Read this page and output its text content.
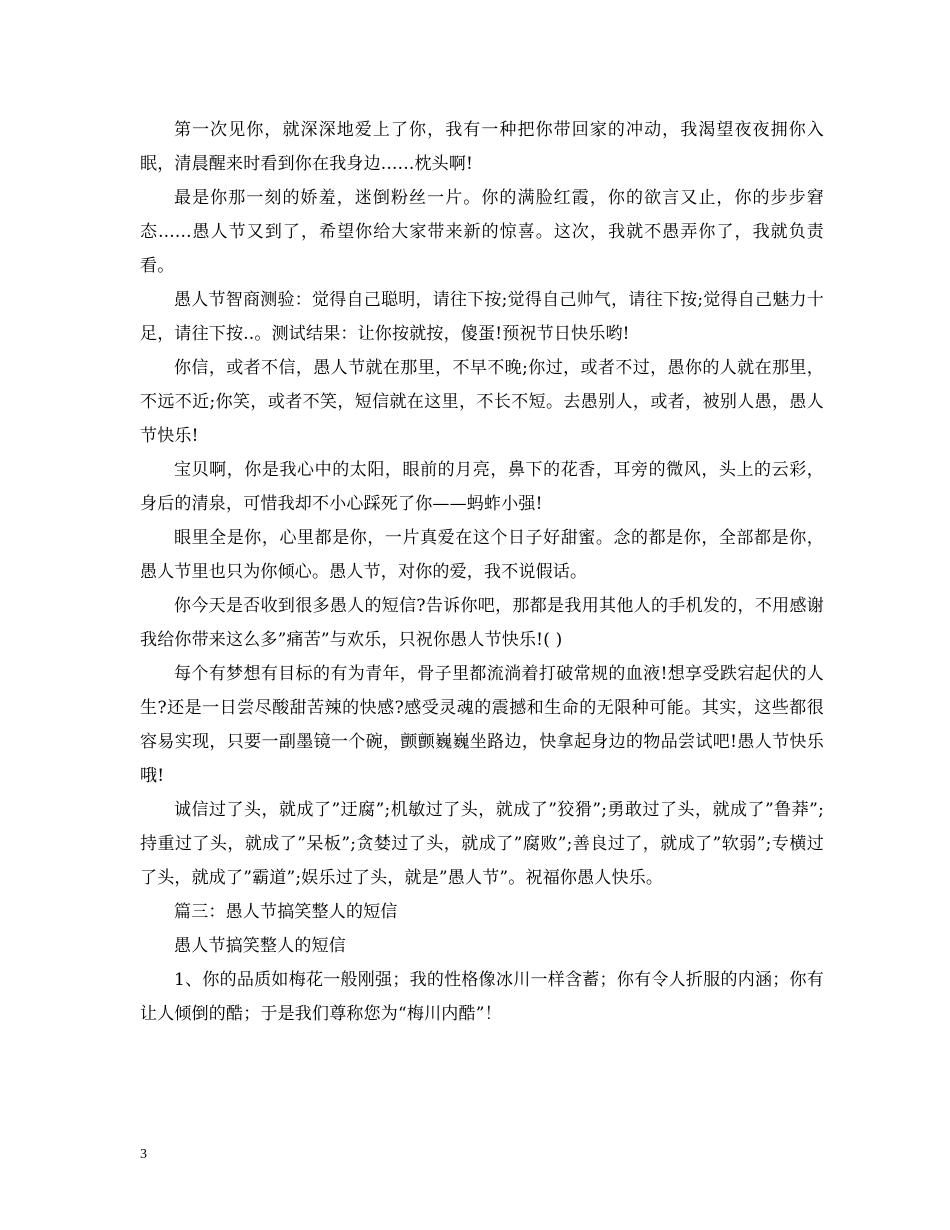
第一次见你，就深深地爱上了你，我有一种把你带回家的冲动，我渴望夜夜拥你入眠，清晨醒来时看到你在我身边......枕头啊!

最是你那一刻的娇羞，迷倒粉丝一片。你的满脸红霞，你的欲言又止，你的步步窘态......愚人节又到了，希望你给大家带来新的惊喜。这次，我就不愚弄你了，我就负责看。

愚人节智商测验：觉得自己聪明，请往下按;觉得自己帅气，请往下按;觉得自己魅力十足，请往下按..。测试结果：让你按就按，傻蛋!预祝节日快乐哟!

你信，或者不信，愚人节就在那里，不早不晚;你过，或者不过，愚你的人就在那里，不远不近;你笑，或者不笑，短信就在这里，不长不短。去愚别人，或者，被别人愚，愚人节快乐!

宝贝啊，你是我心中的太阳，眼前的月亮，鼻下的花香，耳旁的微风，头上的云彩，身后的清泉，可惜我却不小心踩死了你——蚂蚱小强!

眼里全是你，心里都是你，一片真爱在这个日子好甜蜜。念的都是你，全部都是你，愚人节里也只为你倾心。愚人节，对你的爱，我不说假话。

你今天是否收到很多愚人的短信?告诉你吧，那都是我用其他人的手机发的，不用感谢我给你带来这么多”痛苦”与欢乐，只祝你愚人节快乐!( )

每个有梦想有目标的有为青年，骨子里都流淌着打破常规的血液!想享受跌宕起伏的人生?还是一日尝尽酸甜苦辣的快感?感受灵魂的震撼和生命的无限种可能。其实，这些都很容易实现，只要一副墨镜一个碗，颤颤巍巍坐路边，快拿起身边的物品尝试吧!愚人节快乐哦!

诚信过了头，就成了”迂腐”;机敏过了头，就成了”狡猾”;勇敢过了头，就成了”鲁莽”;持重过了头，就成了”呆板”;贪婪过了头，就成了”腐败”;善良过了，就成了”软弱”;专横过了头，就成了”霸道”;娱乐过了头，就是”愚人节”。祝福你愚人快乐。

篇三：愚人节搞笑整人的短信

愚人节搞笑整人的短信

1、你的品质如梅花一般刚强；我的性格像冰川一样含蓄；你有令人折服的内涵；你有让人倾倒的酷；于是我们尊称您为“梅川内酷”！

3
